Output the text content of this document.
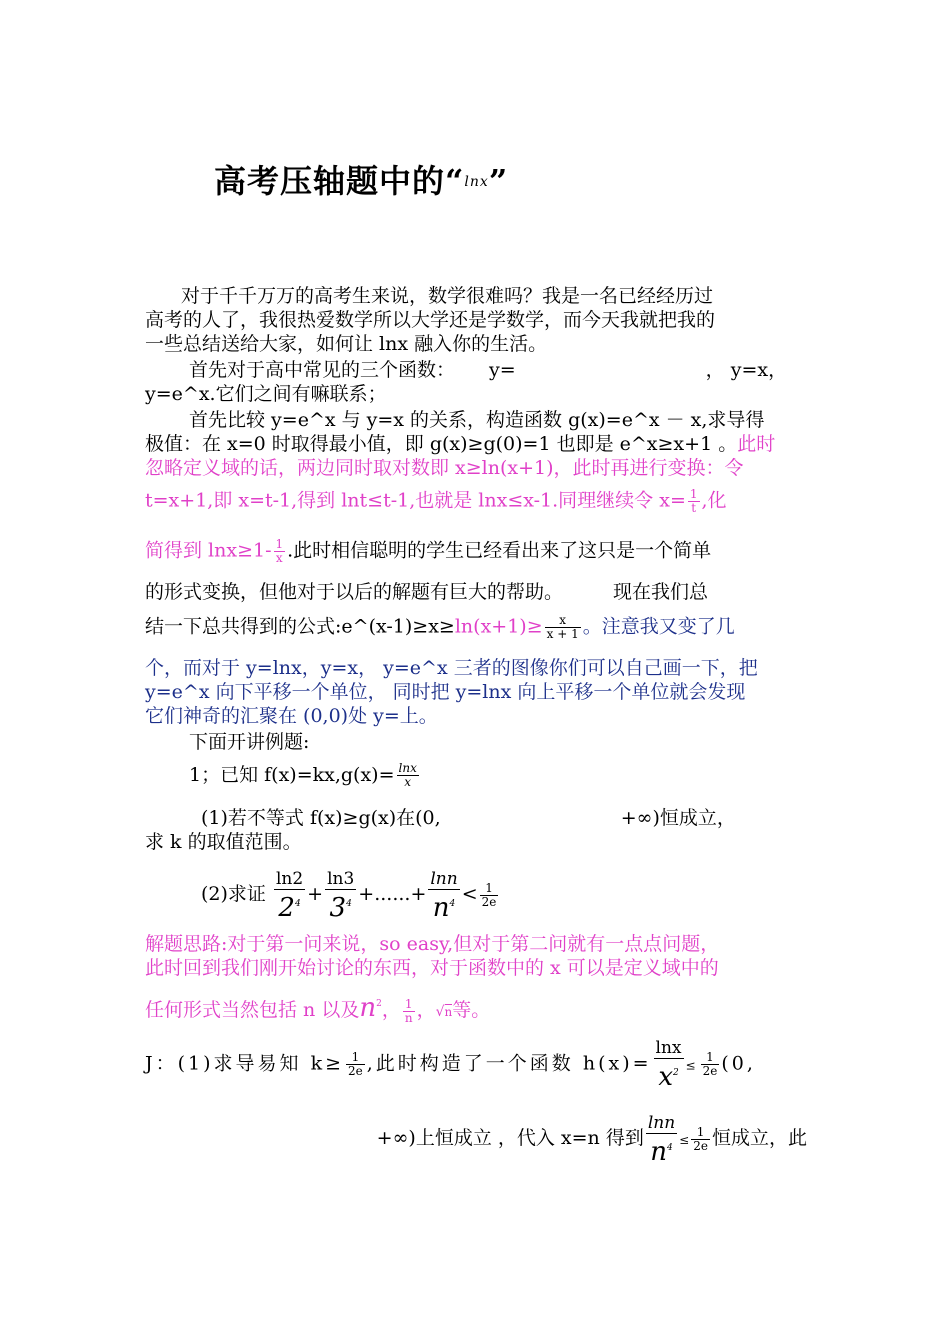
高考压轴题中的“lnx”
对于千千万万的高考生来说，数学很难吗？我是一名已经经历过
高考的人了，我很热爱数学所以大学还是学数学，而今天我就把我的
一些总结送给大家，如何让 lnx 融入你的生活。
首先对于高中常见的三个函数： y=	， y=x，
y=e^x.它们之间有嘛联系；
首先比较 y=e^x 与 y=x 的关系，构造函数 g(x)=e^x － x,求导得
极值：在 x=0 时取得最小值，即 g(x)≥g(0)=1 也即是 e^x≥x+1 。此时
忽略定义域的话，两边同时取对数即 x≥ln(x+1)，此时再进行变换：令
t=x+1,即 x=t-1,得到 lnt≤t-1,也就是 lnx≤x-1.同理继续令 $x= \frac{1}{t}$ ,化
简得到 $\ln x\ge 1- \frac{1}{x}$ .此时相信聪明的学生已经看出来了这只是一个简单
的形式变换，但他对于以后的解题有巨大的帮助。	现在我们总
结一下总共得到的公式:e^(x-1)≥x≥ln(x+1)≥ $\frac{x}{x + 1}$ 。注意我又变了几
个，而对于 y=lnx，y=x， y=e^x 三者的图像你们可以自己画一下，把
y=e^x 向下平移一个单位， 同时把 y=lnx 向上平移一个单位就会发现
它们神奇的汇聚在 (0,0)处 y=上。
下面开讲例题:
1；已知 $f(x)=kx,g(x)= \frac{\ln x}{x}$
(1)若不等式 f(x)≥g(x)在(0,	+∞)恒成立，
求 k 的取值范围。
(2)求证 $\frac{\ln 2}{2^4} + \frac{\ln 3}{3^4}$ +......+ $\frac{\ln n}{n^4} < \frac{1}{2e}$
解题思路:对于第一问来说，so easy,但对于第二问就有一点点问题，
此时回到我们刚开始讨论的东西，对于函数中的 x 可以是定义域中的
任何形式当然包括 n 以及$n^2$， $\frac{1}{n}$ ，√n等。
J：(1)求导易知 $k\ge \frac{1}{2e}$ ,此时构造了一个函数 $h(x)= \frac{\ln x}{x^2} \le \frac{1}{2e} (0$,
+∞)上恒成立 ，代入 x=n 得到 $\frac{\ln n}{n^4} \le \frac{1}{2e}$ 恒成立，此
